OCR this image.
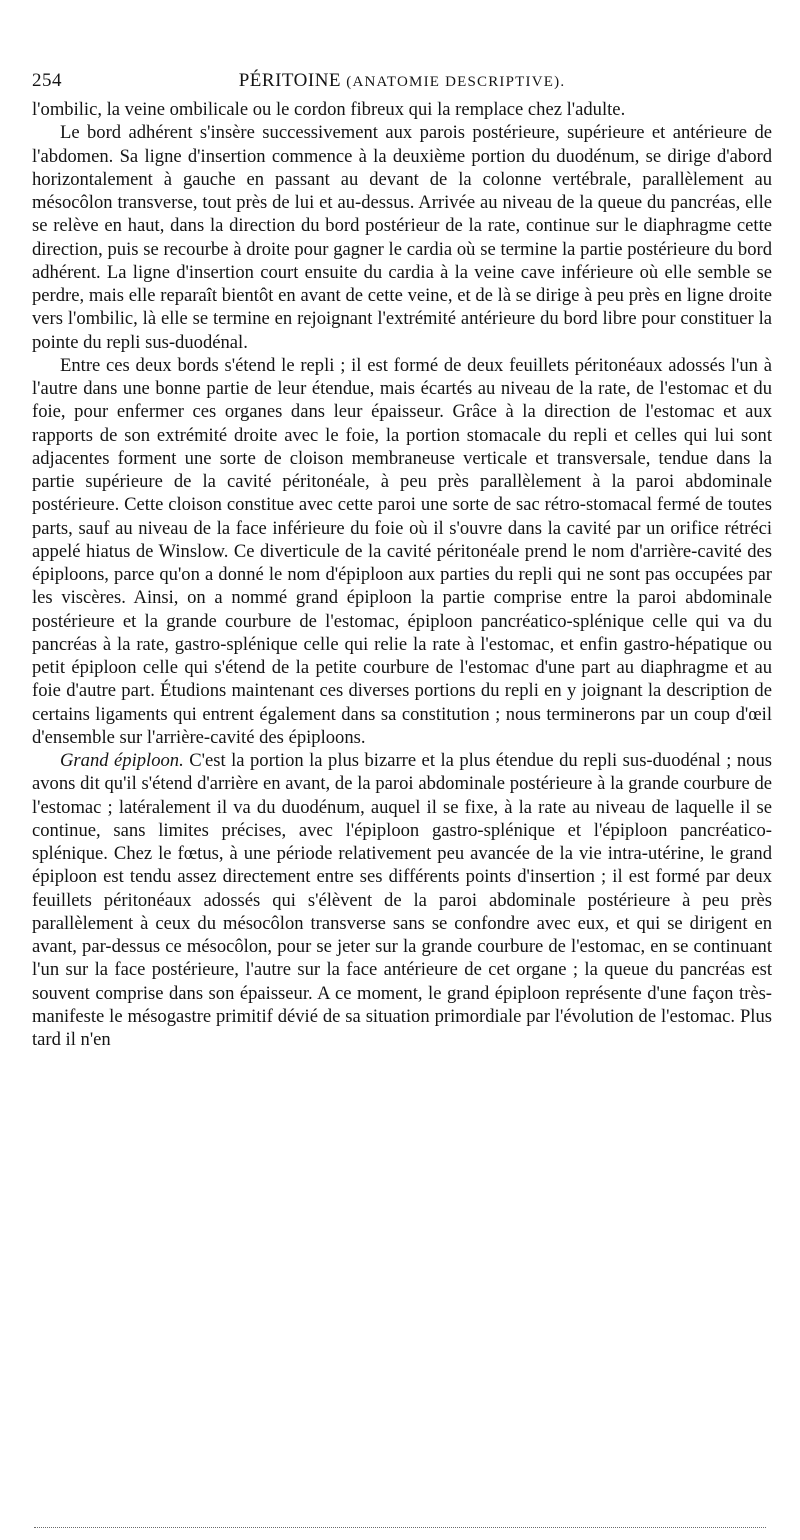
254	PÉRITOINE (ANATOMIE DESCRIPTIVE).

l'ombilic, la veine ombilicale ou le cordon fibreux qui la remplace chez l'adulte.

Le bord adhérent s'insère successivement aux parois postérieure, supérieure et antérieure de l'abdomen. Sa ligne d'insertion commence à la deuxième portion du duodénum, se dirige d'abord horizontalement à gauche en passant au devant de la colonne vertébrale, parallèlement au mésocôlon transverse, tout près de lui et au-dessus. Arrivée au niveau de la queue du pancréas, elle se relève en haut, dans la direction du bord postérieur de la rate, continue sur le diaphragme cette direction, puis se recourbe à droite pour gagner le cardia où se termine la partie postérieure du bord adhérent. La ligne d'insertion court ensuite du cardia à la veine cave inférieure où elle semble se perdre, mais elle reparaît bientôt en avant de cette veine, et de là se dirige à peu près en ligne droite vers l'ombilic, là elle se termine en rejoignant l'extrémité antérieure du bord libre pour constituer la pointe du repli sus-duodénal.

Entre ces deux bords s'étend le repli ; il est formé de deux feuillets péritonéaux adossés l'un à l'autre dans une bonne partie de leur étendue, mais écartés au niveau de la rate, de l'estomac et du foie, pour enfermer ces organes dans leur épaisseur. Grâce à la direction de l'estomac et aux rapports de son extrémité droite avec le foie, la portion stomacale du repli et celles qui lui sont adjacentes forment une sorte de cloison membraneuse verticale et transversale, tendue dans la partie supérieure de la cavité péritonéale, à peu près parallèlement à la paroi abdominale postérieure. Cette cloison constitue avec cette paroi une sorte de sac rétro-stomacal fermé de toutes parts, sauf au niveau de la face inférieure du foie où il s'ouvre dans la cavité par un orifice rétréci appelé hiatus de Winslow. Ce diverticule de la cavité péritonéale prend le nom d'arrière-cavité des épiploons, parce qu'on a donné le nom d'épiploon aux parties du repli qui ne sont pas occupées par les viscères. Ainsi, on a nommé grand épiploon la partie comprise entre la paroi abdominale postérieure et la grande courbure de l'estomac, épiploon pancréatico-splénique celle qui va du pancréas à la rate, gastro-splénique celle qui relie la rate à l'estomac, et enfin gastro-hépatique ou petit épiploon celle qui s'étend de la petite courbure de l'estomac d'une part au diaphragme et au foie d'autre part. Étudions maintenant ces diverses portions du repli en y joignant la description de certains ligaments qui entrent également dans sa constitution ; nous terminerons par un coup d'œil d'ensemble sur l'arrière-cavité des épiploons.

Grand épiploon. C'est la portion la plus bizarre et la plus étendue du repli sus-duodénal ; nous avons dit qu'il s'étend d'arrière en avant, de la paroi abdominale postérieure à la grande courbure de l'estomac ; latéralement il va du duodénum, auquel il se fixe, à la rate au niveau de laquelle il se continue, sans limites précises, avec l'épiploon gastro-splénique et l'épiploon pancréatico-splénique. Chez le fœtus, à une période relativement peu avancée de la vie intra-utérine, le grand épiploon est tendu assez directement entre ses différents points d'insertion ; il est formé par deux feuillets péritonéaux adossés qui s'élèvent de la paroi abdominale postérieure à peu près parallèlement à ceux du mésocôlon transverse sans se confondre avec eux, et qui se dirigent en avant, par-dessus ce mésocôlon, pour se jeter sur la grande courbure de l'estomac, en se continuant l'un sur la face postérieure, l'autre sur la face antérieure de cet organe ; la queue du pancréas est souvent comprise dans son épaisseur. A ce moment, le grand épiploon représente d'une façon très-manifeste le mésogastre primitif dévié de sa situation primordiale par l'évolution de l'estomac. Plus tard il n'en
